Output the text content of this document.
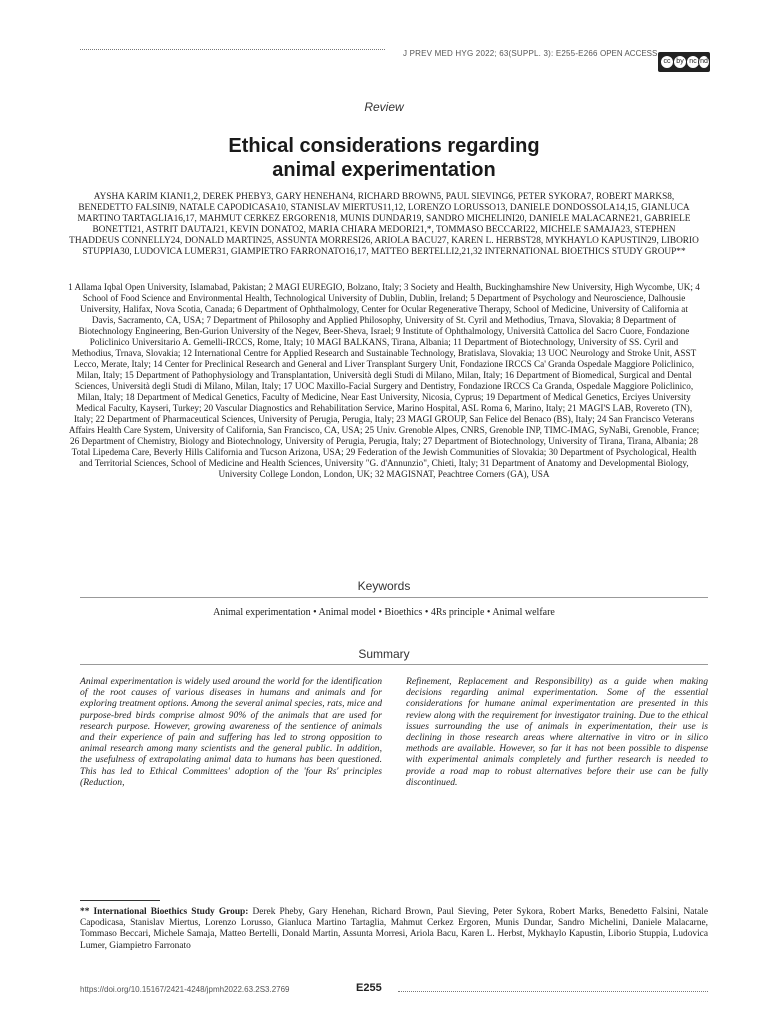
J PREV MED HYG 2022; 63(SUPPL. 3): E255-E266 OPEN ACCESS
cc by nc nd
Review
Ethical considerations regarding
animal experimentation
AYSHA KARIM KIANI1,2, DEREK PHEBY3, GARY HENEHAN4, RICHARD BROWN5, PAUL SIEVING6, PETER SYKORA7, ROBERT MARKS8, BENEDETTO FALSINI9, NATALE CAPODICASA10, STANISLAV MIERTUS11,12, LORENZO LORUSSO13, DANIELE DONDOSSOLA14,15, GIANLUCA MARTINO TARTAGLIA16,17, MAHMUT CERKEZ ERGOREN18, MUNIS DUNDAR19, SANDRO MICHELINI20, DANIELE MALACARNE21, GABRIELE BONETTI21, ASTRIT DAUTAJ21, KEVIN DONATO2, MARIA CHIARA MEDORI21,*, TOMMASO BECCARI22, MICHELE SAMAJA23, STEPHEN THADDEUS CONNELLY24, DONALD MARTIN25, ASSUNTA MORRESI26, ARIOLA BACU27, KAREN L. HERBST28, MYKHAYLO KAPUSTIN29, LIBORIO STUPPIA30, LUDOVICA LUMER31, GIAMPIETRO FARRONATO16,17, MATTEO BERTELLI2,21,32 INTERNATIONAL BIOETHICS STUDY GROUP**
1 Allama Iqbal Open University, Islamabad, Pakistan; 2 MAGI EUREGIO, Bolzano, Italy; 3 Society and Health, Buckinghamshire New University, High Wycombe, UK; 4 School of Food Science and Environmental Health, Technological University of Dublin, Dublin, Ireland; 5 Department of Psychology and Neuroscience, Dalhousie University, Halifax, Nova Scotia, Canada; 6 Department of Ophthalmology, Center for Ocular Regenerative Therapy, School of Medicine, University of California at Davis, Sacramento, CA, USA; 7 Department of Philosophy and Applied Philosophy, University of St. Cyril and Methodius, Trnava, Slovakia; 8 Department of Biotechnology Engineering, Ben-Gurion University of the Negev, Beer-Sheva, Israel; 9 Institute of Ophthalmology, Università Cattolica del Sacro Cuore, Fondazione Policlinico Universitario A. Gemelli-IRCCS, Rome, Italy; 10 MAGI BALKANS, Tirana, Albania; 11 Department of Biotechnology, University of SS. Cyril and Methodius, Trnava, Slovakia; 12 International Centre for Applied Research and Sustainable Technology, Bratislava, Slovakia; 13 UOC Neurology and Stroke Unit, ASST Lecco, Merate, Italy; 14 Center for Preclinical Research and General and Liver Transplant Surgery Unit, Fondazione IRCCS Ca' Granda Ospedale Maggiore Policlinico, Milan, Italy; 15 Department of Pathophysiology and Transplantation, Università degli Studi di Milano, Milan, Italy; 16 Department of Biomedical, Surgical and Dental Sciences, Università degli Studi di Milano, Milan, Italy; 17 UOC Maxillo-Facial Surgery and Dentistry, Fondazione IRCCS Ca Granda, Ospedale Maggiore Policlinico, Milan, Italy; 18 Department of Medical Genetics, Faculty of Medicine, Near East University, Nicosia, Cyprus; 19 Department of Medical Genetics, Erciyes University Medical Faculty, Kayseri, Turkey; 20 Vascular Diagnostics and Rehabilitation Service, Marino Hospital, ASL Roma 6, Marino, Italy; 21 MAGI'S LAB, Rovereto (TN), Italy; 22 Department of Pharmaceutical Sciences, University of Perugia, Perugia, Italy; 23 MAGI GROUP, San Felice del Benaco (BS), Italy; 24 San Francisco Veterans Affairs Health Care System, University of California, San Francisco, CA, USA; 25 Univ. Grenoble Alpes, CNRS, Grenoble INP, TIMC-IMAG, SyNaBi, Grenoble, France; 26 Department of Chemistry, Biology and Biotechnology, University of Perugia, Perugia, Italy; 27 Department of Biotechnology, University of Tirana, Tirana, Albania; 28 Total Lipedema Care, Beverly Hills California and Tucson Arizona, USA; 29 Federation of the Jewish Communities of Slovakia; 30 Department of Psychological, Health and Territorial Sciences, School of Medicine and Health Sciences, University "G. d'Annunzio", Chieti, Italy; 31 Department of Anatomy and Developmental Biology, University College London, London, UK; 32 MAGISNAT, Peachtree Corners (GA), USA
Keywords
Animal experimentation • Animal model • Bioethics • 4Rs principle • Animal welfare
Summary
Animal experimentation is widely used around the world for the identification of the root causes of various diseases in humans and animals and for exploring treatment options. Among the several animal species, rats, mice and purpose-bred birds comprise almost 90% of the animals that are used for research purpose. However, growing awareness of the sentience of animals and their experience of pain and suffering has led to strong opposition to animal research among many scientists and the general public. In addition, the usefulness of extrapolating animal data to humans has been questioned. This has led to Ethical Committees' adoption of the 'four Rs' principles (Reduction,
Refinement, Replacement and Responsibility) as a guide when making decisions regarding animal experimentation. Some of the essential considerations for humane animal experimentation are presented in this review along with the requirement for investigator training. Due to the ethical issues surrounding the use of animals in experimentation, their use is declining in those research areas where alternative in vitro or in silico methods are available. However, so far it has not been possible to dispense with experimental animals completely and further research is needed to provide a road map to robust alternatives before their use can be fully discontinued.
** International Bioethics Study Group: Derek Pheby, Gary Henehan, Richard Brown, Paul Sieving, Peter Sykora, Robert Marks, Benedetto Falsini, Natale Capodicasa, Stanislav Miertus, Lorenzo Lorusso, Gianluca Martino Tartaglia, Mahmut Cerkez Ergoren, Munis Dundar, Sandro Michelini, Daniele Malacarne, Tommaso Beccari, Michele Samaja, Matteo Bertelli, Donald Martin, Assunta Morresi, Ariola Bacu, Karen L. Herbst, Mykhaylo Kapustin, Liborio Stuppia, Ludovica Lumer, Giampietro Farronato
https://doi.org/10.15167/2421-4248/jpmh2022.63.2S3.2769	E255
